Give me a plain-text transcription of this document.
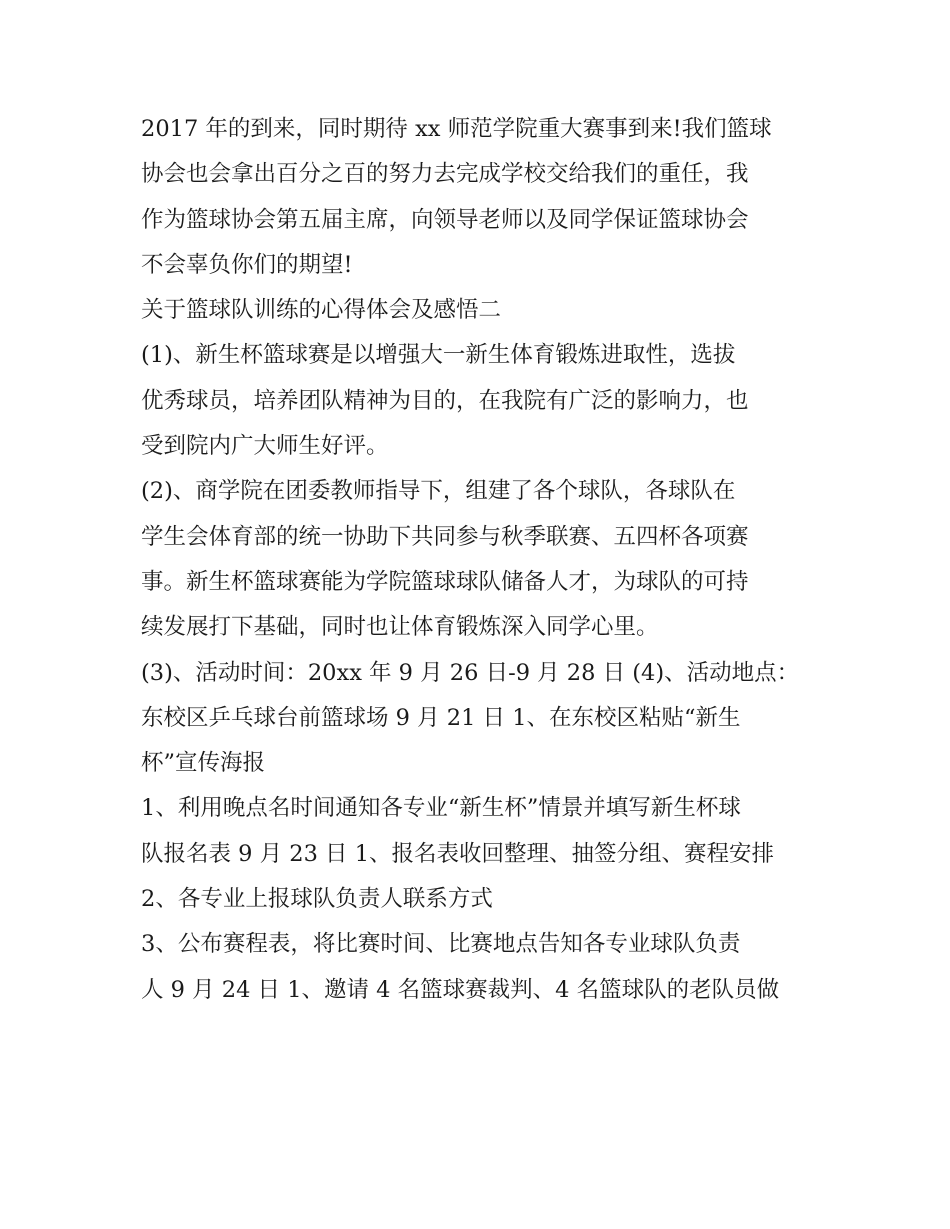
2017 年的到来，同时期待 xx 师范学院重大赛事到来!我们篮球
协会也会拿出百分之百的努力去完成学校交给我们的重任，我
作为篮球协会第五届主席，向领导老师以及同学保证篮球协会
不会辜负你们的期望!
关于篮球队训练的心得体会及感悟二
(1)、新生杯篮球赛是以增强大一新生体育锻炼进取性，选拔
优秀球员，培养团队精神为目的，在我院有广泛的影响力，也
受到院内广大师生好评。
(2)、商学院在团委教师指导下，组建了各个球队，各球队在
学生会体育部的统一协助下共同参与秋季联赛、五四杯各项赛
事。新生杯篮球赛能为学院篮球球队储备人才，为球队的可持
续发展打下基础，同时也让体育锻炼深入同学心里。
(3)、活动时间：20xx 年 9 月 26 日-9 月 28 日 (4)、活动地点：
东校区乒乓球台前篮球场 9 月 21 日 1、在东校区粘贴“新生
杯”宣传海报
1、利用晚点名时间通知各专业“新生杯”情景并填写新生杯球
队报名表 9 月 23 日 1、报名表收回整理、抽签分组、赛程安排
2、各专业上报球队负责人联系方式
3、公布赛程表，将比赛时间、比赛地点告知各专业球队负责
人 9 月 24 日 1、邀请 4 名篮球赛裁判、4 名篮球队的老队员做
